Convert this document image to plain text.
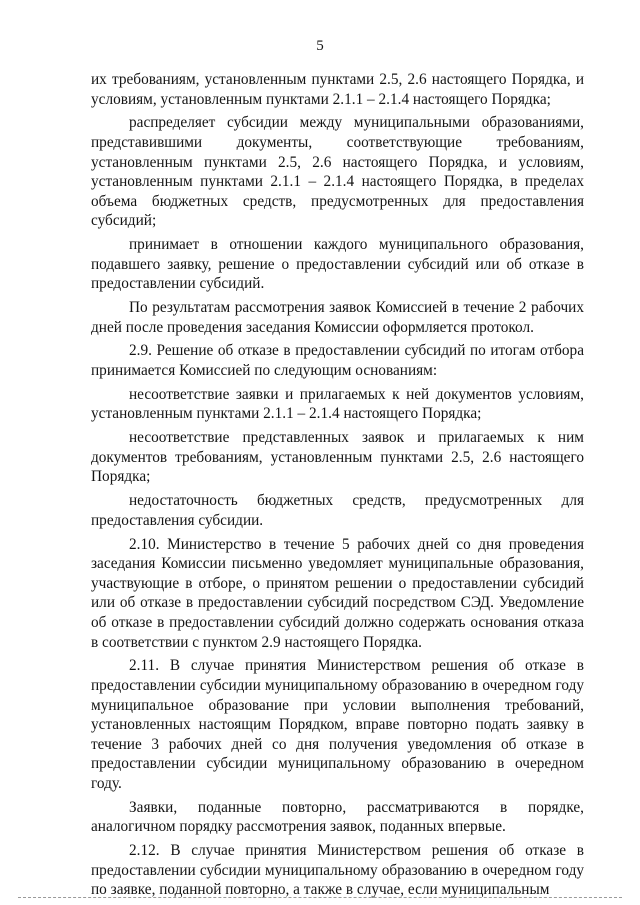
5

их требованиям, установленным пунктами 2.5, 2.6 настоящего Порядка, и условиям, установленным пунктами 2.1.1 – 2.1.4 настоящего Порядка;

распределяет субсидии между муниципальными образованиями, представившими документы, соответствующие требованиям, установленным пунктами 2.5, 2.6 настоящего Порядка, и условиям, установленным пунктами 2.1.1 – 2.1.4 настоящего Порядка, в пределах объема бюджетных средств, предусмотренных для предоставления субсидий;

принимает в отношении каждого муниципального образования, подавшего заявку, решение о предоставлении субсидий или об отказе в предоставлении субсидий.

По результатам рассмотрения заявок Комиссией в течение 2 рабочих дней после проведения заседания Комиссии оформляется протокол.

2.9. Решение об отказе в предоставлении субсидий по итогам отбора принимается Комиссией по следующим основаниям:

несоответствие заявки и прилагаемых к ней документов условиям, установленным пунктами 2.1.1 – 2.1.4 настоящего Порядка;

несоответствие представленных заявок и прилагаемых к ним документов требованиям, установленным пунктами 2.5, 2.6 настоящего Порядка;

недостаточность бюджетных средств, предусмотренных для предоставления субсидии.

2.10. Министерство в течение 5 рабочих дней со дня проведения заседания Комиссии письменно уведомляет муниципальные образования, участвующие в отборе, о принятом решении о предоставлении субсидий или об отказе в предоставлении субсидий посредством СЭД. Уведомление об отказе в предоставлении субсидий должно содержать основания отказа в соответствии с пунктом 2.9 настоящего Порядка.

2.11. В случае принятия Министерством решения об отказе в предоставлении субсидии муниципальному образованию в очередном году муниципальное образование при условии выполнения требований, установленных настоящим Порядком, вправе повторно подать заявку в течение 3 рабочих дней со дня получения уведомления об отказе в предоставлении субсидии муниципальному образованию в очередном году.

Заявки, поданные повторно, рассматриваются в порядке, аналогичном порядку рассмотрения заявок, поданных впервые.

2.12. В случае принятия Министерством решения об отказе в предоставлении субсидии муниципальному образованию в очередном году по заявке, поданной повторно, а также в случае, если муниципальным
